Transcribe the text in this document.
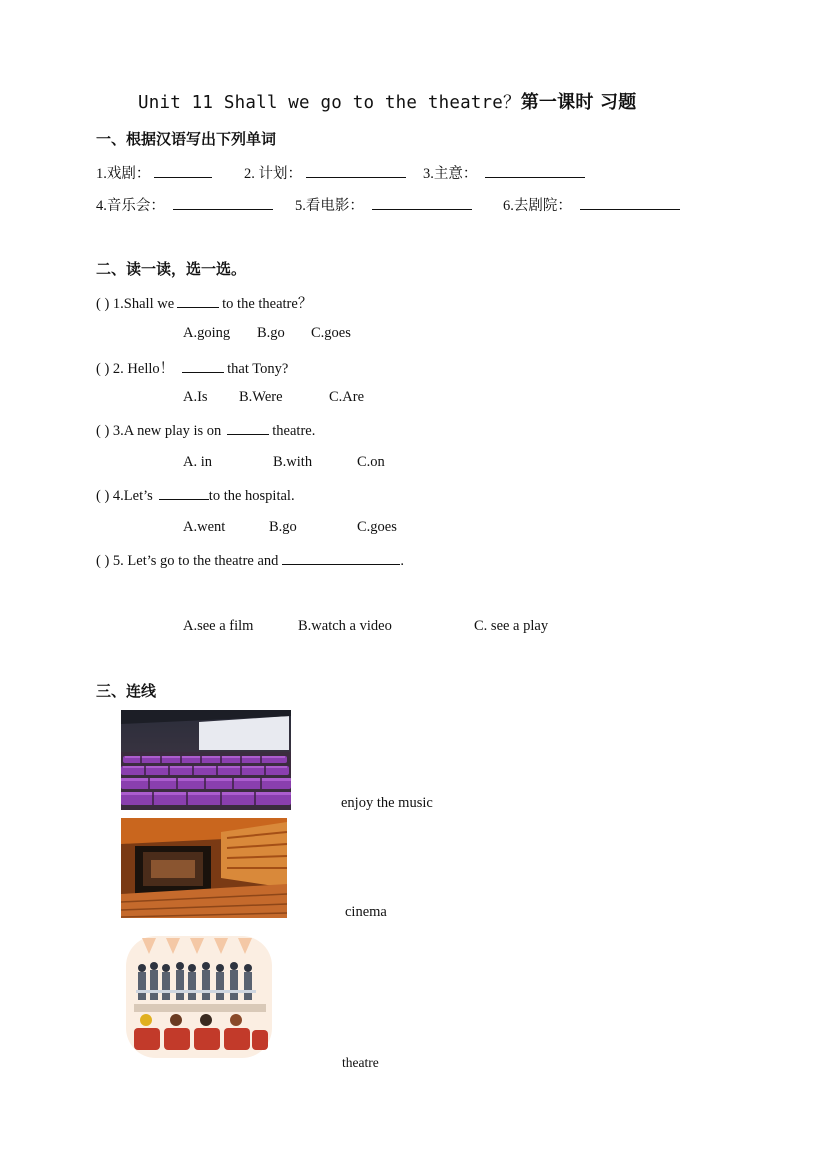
Unit 11 Shall we go to the theatre？第一课时 习题
一、根据汉语写出下列单词
1.戏剧：	2. 计划：	3.主意：
4.音乐会：	5.看电影：	6.去剧院：
二、读一读，选一选。
( ) 1.Shall we	to the theatre？
A.going B.go C.goes
( ) 2. Hello！	that Tony?
A.Is B.Were	C.Are
( ) 3.A new play is on	theatre.
A. in	B.with	C.on
( ) 4.Let’s	to the hospital.
A.went	B.go	C.goes
( ) 5. Let’s go to the theatre and	.
A.see a film	B.watch a video	C. see a play
三、连线
enjoy the music
cinema
theatre
